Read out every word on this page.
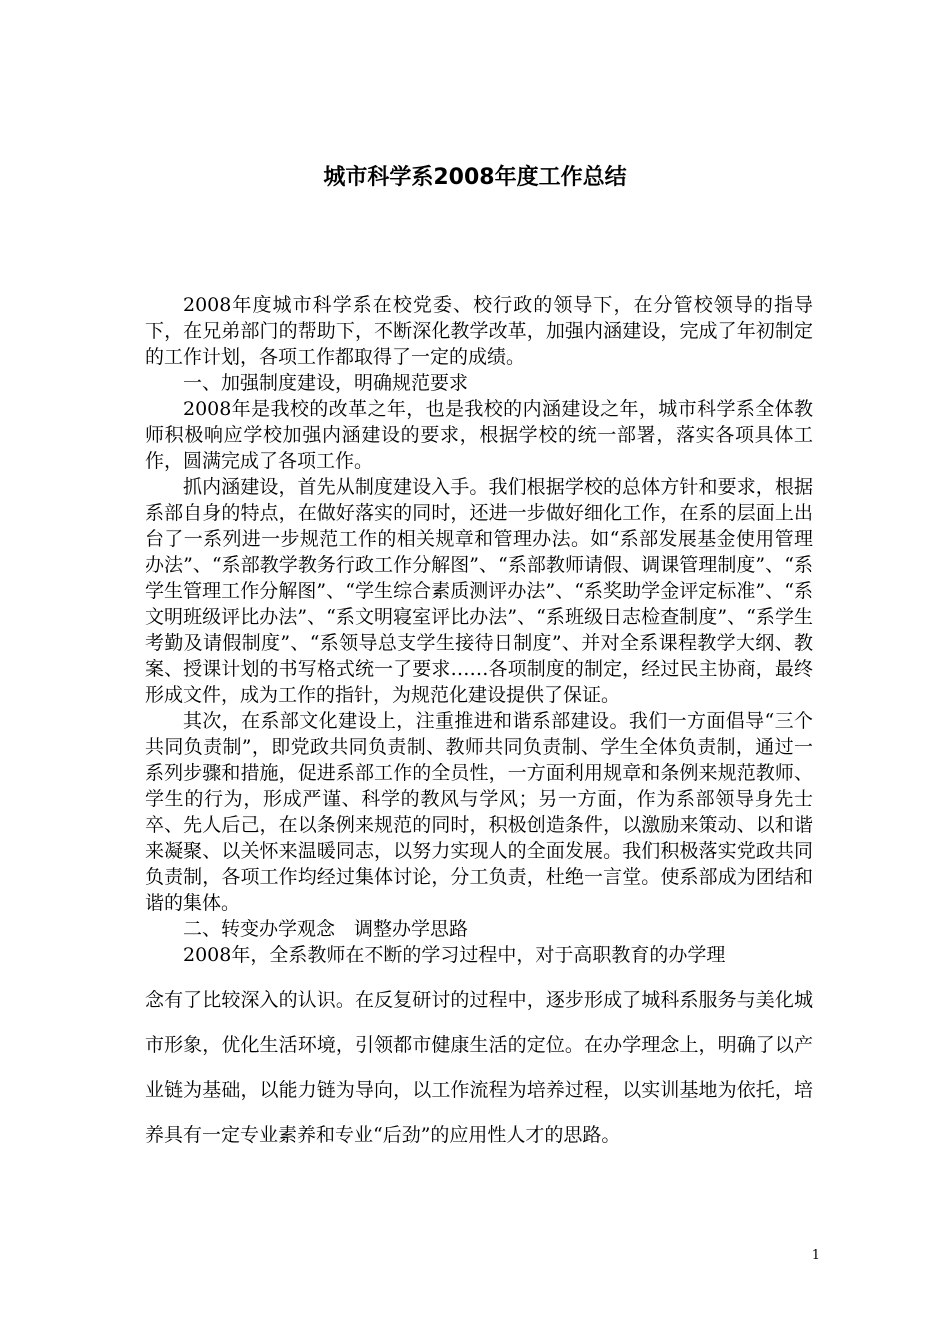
城市科学系2008年度工作总结

2008年度城市科学系在校党委、校行政的领导下，在分管校领导的指导下，在兄弟部门的帮助下，不断深化教学改革，加强内涵建设，完成了年初制定的工作计划，各项工作都取得了一定的成绩。

一、加强制度建设，明确规范要求

2008年是我校的改革之年，也是我校的内涵建设之年，城市科学系全体教师积极响应学校加强内涵建设的要求，根据学校的统一部署，落实各项具体工作，圆满完成了各项工作。

抓内涵建设，首先从制度建设入手。我们根据学校的总体方针和要求，根据系部自身的特点，在做好落实的同时，还进一步做好细化工作，在系的层面上出台了一系列进一步规范工作的相关规章和管理办法。如“系部发展基金使用管理办法”、“系部教学教务行政工作分解图”、“系部教师请假、调课管理制度”、“系学生管理工作分解图”、“学生综合素质测评办法”、“系奖助学金评定标准”、“系文明班级评比办法”、“系文明寝室评比办法”、“系班级日志检查制度”、“系学生考勤及请假制度”、“系领导总支学生接待日制度”、并对全系课程教学大纲、教案、授课计划的书写格式统一了要求……各项制度的制定，经过民主协商，最终形成文件，成为工作的指针，为规范化建设提供了保证。

其次，在系部文化建设上，注重推进和谐系部建设。我们一方面倡导“三个共同负责制”，即党政共同负责制、教师共同负责制、学生全体负责制，通过一系列步骤和措施，促进系部工作的全员性，一方面利用规章和条例来规范教师、学生的行为，形成严谨、科学的教风与学风；另一方面，作为系部领导身先士卒、先人后己，在以条例来规范的同时，积极创造条件，以激励来策动、以和谐来凝聚、以关怀来温暖同志，以努力实现人的全面发展。我们积极落实党政共同负责制，各项工作均经过集体讨论，分工负责，杜绝一言堂。使系部成为团结和谐的集体。

二、转变办学观念　调整办学思路

2008年，全系教师在不断的学习过程中，对于高职教育的办学理

念有了比较深入的认识。在反复研讨的过程中，逐步形成了城科系服务与美化城市形象，优化生活环境，引领都市健康生活的定位。在办学理念上，明确了以产业链为基础，以能力链为导向，以工作流程为培养过程，以实训基地为依托，培养具有一定专业素养和专业“后劲”的应用性人才的思路。

1
